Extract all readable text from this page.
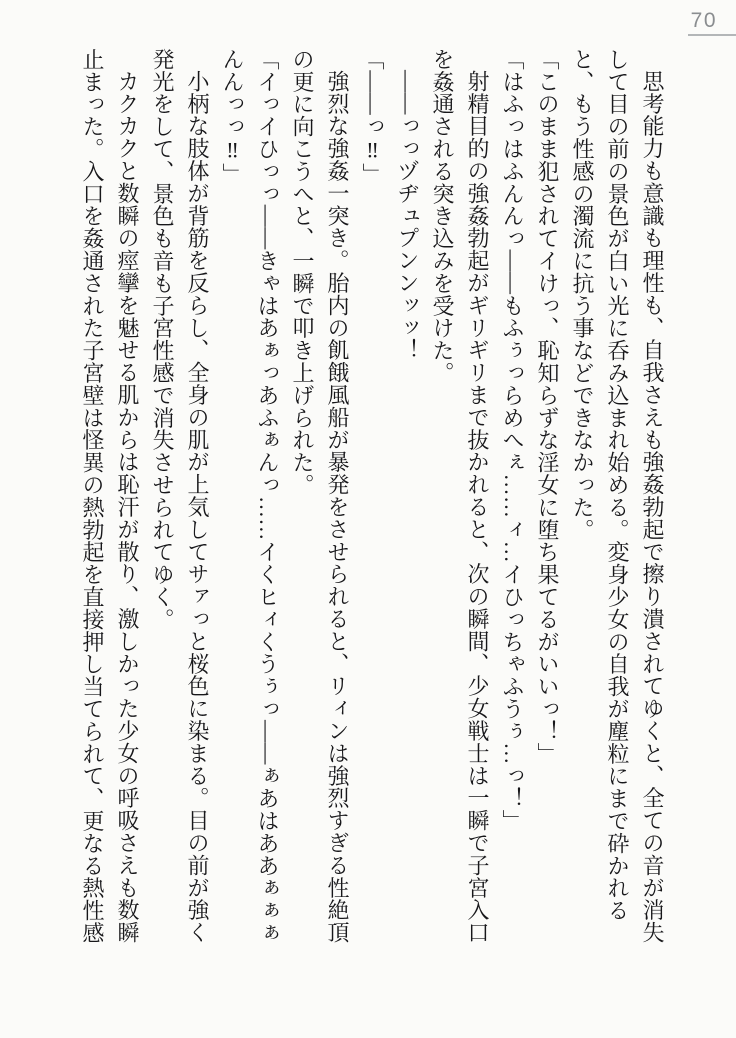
70

思考能力も意識も理性も、自我さえも強姦勃起で擦り潰されてゆくと、全ての音が消失して目の前の景色が白い光に呑み込まれ始める。変身少女の自我が塵粒にまで砕かれると、もう性感の濁流に抗う事などできなかった。

「このまま犯されてイけっ、恥知らずな淫女に堕ち果てるがいいっ！」

「はふっはふんんっ――もふぅっらめへぇ……ィ…イひっちゃふうぅ…っ！」

射精目的の強姦勃起がギリギリまで抜かれると、次の瞬間、少女戦士は一瞬で子宮入口を姦通される突き込みを受けた。

――っっヅヂュプンンッッ！

「――っ‼」

強烈な強姦一突き。胎内の飢餓風船が暴発をさせられると、リィンは強烈すぎる性絶頂の更に向こうへと、一瞬で叩き上げられた。

「イっイひっっ――きゃはあぁっあふぁんっ……イくヒィくうぅっ――ぁあはああぁぁぁんんっっ‼」

小柄な肢体が背筋を反らし、全身の肌が上気してサァっと桜色に染まる。目の前が強く発光をして、景色も音も子宮性感で消失させられてゆく。

カクカクと数瞬の痙攣を魅せる肌からは恥汗が散り、激しかった少女の呼吸さえも数瞬止まった。入口を姦通された子宮壁は怪異の熱勃起を直接押し当てられて、更なる熱性感
